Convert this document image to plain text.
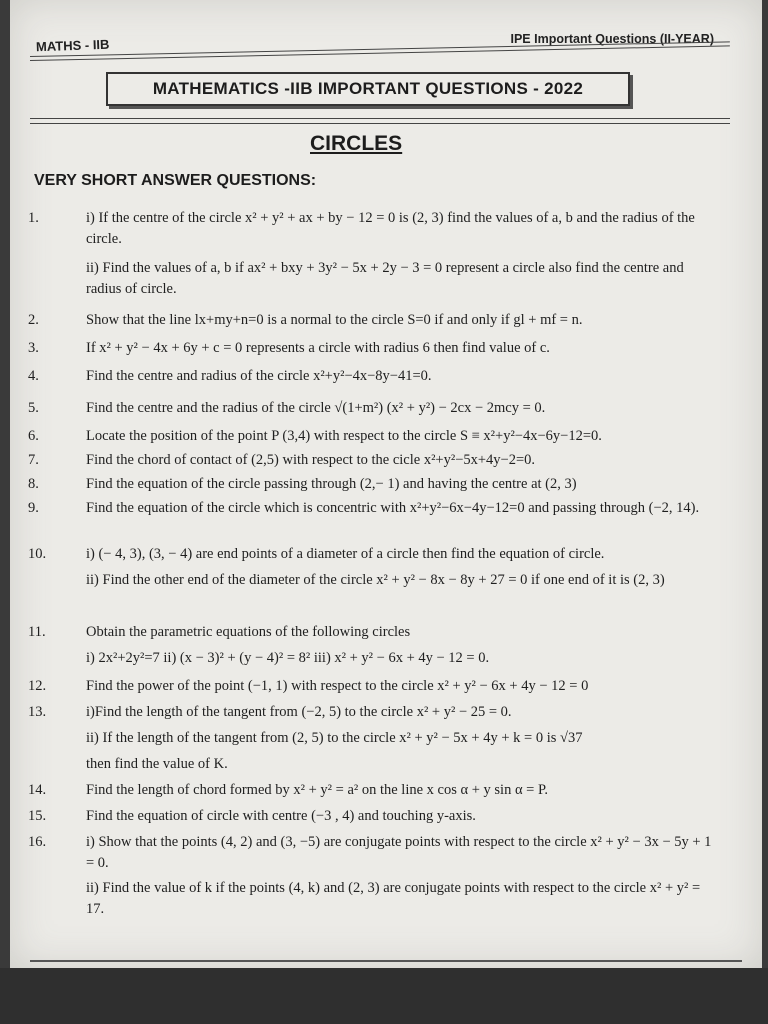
MATHS - IIB	IPE Important Questions (II-YEAR)
MATHEMATICS -IIB IMPORTANT QUESTIONS - 2022
CIRCLES
VERY SHORT ANSWER QUESTIONS:
1.	i) If the centre of the circle x² + y² + ax + by − 12 = 0 is (2, 3) find the values of a, b and the radius of the circle.
ii) Find the values of a, b if ax² + bxy + 3y² − 5x + 2y − 3 = 0 represent a circle also find the centre and radius of circle.
2.	Show that the line lx+my+n=0 is a normal to the circle S=0 if and only if gl + mf = n.
3.	If x² + y² − 4x + 6y + c = 0 represents a circle with radius 6 then find value of c.
4.	Find the centre and radius of the circle x²+y²−4x−8y−41=0.
5.	Find the centre and the radius of the circle √(1+m²) (x² + y²) − 2cx − 2mcy = 0.
6.	Locate the position of the point P (3,4) with respect to the circle S ≡ x²+y²−4x−6y−12=0.
7.	Find the chord of contact of (2,5) with respect to the cicle x²+y²−5x+4y−2=0.
8.	Find the equation of the circle passing through (2,− 1) and having the centre at (2, 3)
9.	Find the equation of the circle which is concentric with x²+y²−6x−4y−12=0 and passing through (−2, 14).
10.	i) (− 4, 3), (3, − 4) are end points of a diameter of a circle then find the equation of circle.
ii) Find the other end of the diameter of the circle x² + y² − 8x − 8y + 27 = 0 if one end of it is (2, 3)
11.	Obtain the parametric equations of the following circles
i) 2x²+2y²=7 ii) (x − 3)² + (y − 4)² = 8² iii) x² + y² − 6x + 4y − 12 = 0.
12.	Find the power of the point (−1, 1) with respect to the circle x² + y² − 6x + 4y − 12 = 0
13.	i)Find the length of the tangent from (−2, 5) to the circle x² + y² − 25 = 0.
ii) If the length of the tangent from (2, 5) to the circle x² + y² − 5x + 4y + k = 0 is √37
then find the value of K.
14.	Find the length of chord formed by x² + y² = a² on the line x cos α + y sin α = P.
15.	Find the equation of circle with centre (−3 , 4) and touching y-axis.
16.	i) Show that the points (4, 2) and (3, −5) are conjugate points with respect to the circle x² + y² − 3x − 5y + 1 = 0.
ii) Find the value of k if the points (4, k) and (2, 3) are conjugate points with respect to the circle x² + y² = 17.
